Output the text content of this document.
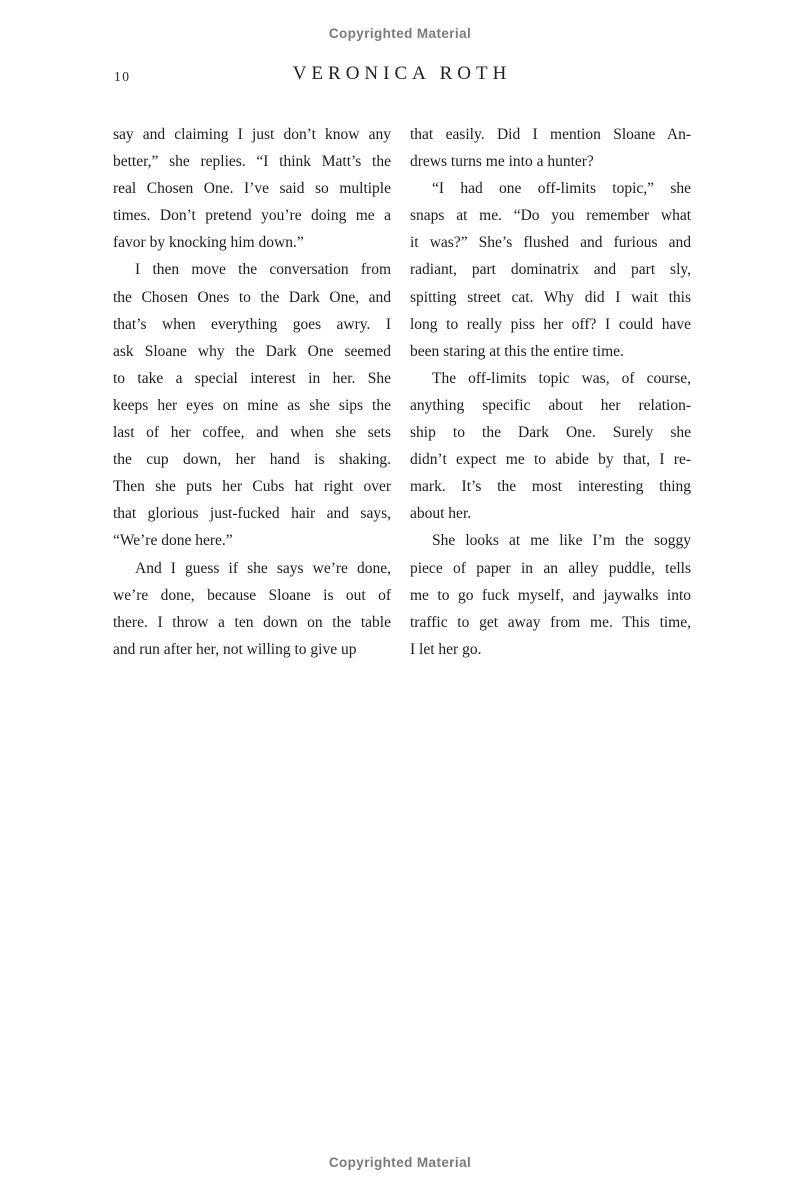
Copyrighted Material
10	VERONICA ROTH
say and claiming I just don’t know any
better,” she replies. “I think Matt’s the
real Chosen One. I’ve said so multiple
times. Don’t pretend you’re doing me a
favor by knocking him down.”
I then move the conversation from
the Chosen Ones to the Dark One, and
that’s when everything goes awry. I
ask Sloane why the Dark One seemed
to take a special interest in her. She
keeps her eyes on mine as she sips the
last of her coffee, and when she sets
the cup down, her hand is shaking.
Then she puts her Cubs hat right over
that glorious just-fucked hair and says,
“We’re done here.”
And I guess if she says we’re done,
we’re done, because Sloane is out of
there. I throw a ten down on the table
and run after her, not willing to give up
that easily. Did I mention Sloane An-
drews turns me into a hunter?
“I had one off-limits topic,” she
snaps at me. “Do you remember what
it was?” She’s flushed and furious and
radiant, part dominatrix and part sly,
spitting street cat. Why did I wait this
long to really piss her off? I could have
been staring at this the entire time.
The off-limits topic was, of course,
anything specific about her relation-
ship to the Dark One. Surely she
didn’t expect me to abide by that, I re-
mark. It’s the most interesting thing
about her.
She looks at me like I’m the soggy
piece of paper in an alley puddle, tells
me to go fuck myself, and jaywalks into
traffic to get away from me. This time,
I let her go.
Copyrighted Material
